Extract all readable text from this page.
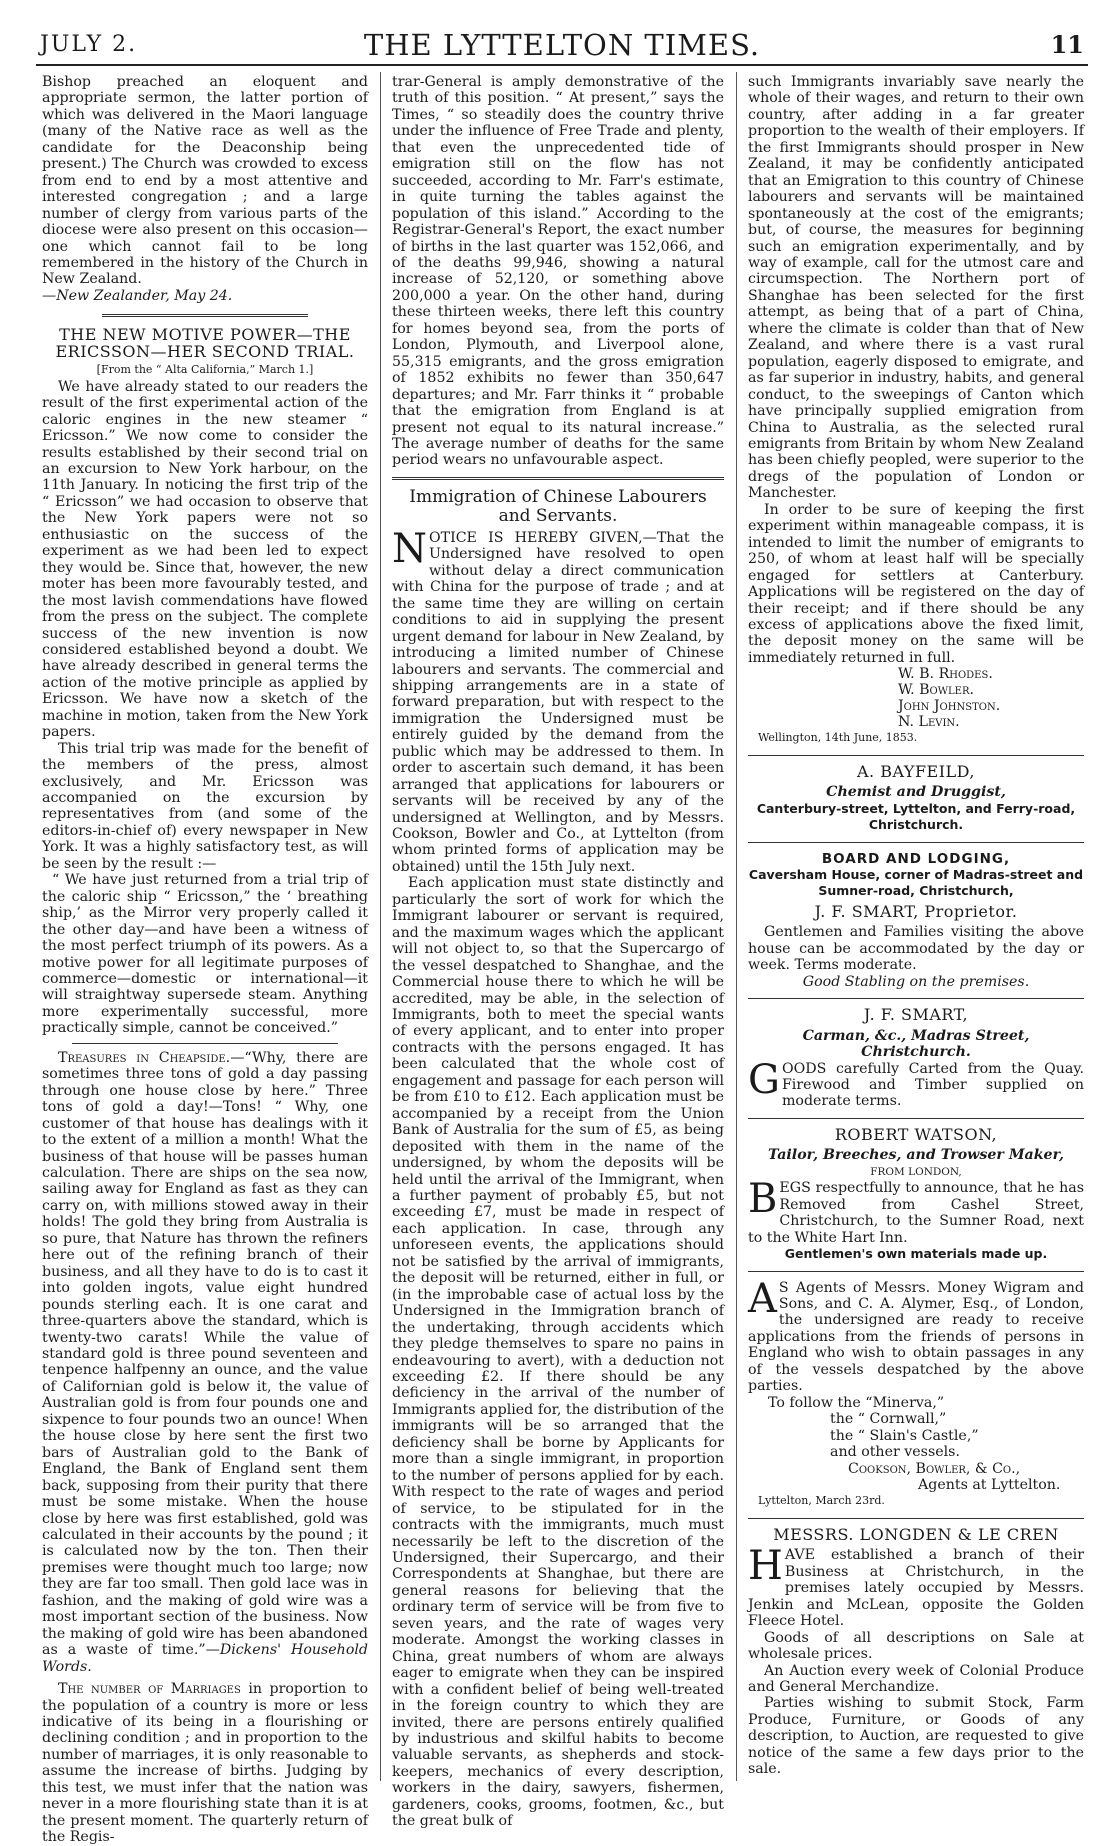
JULY 2.	THE LYTTELTON TIMES.	11

Bishop preached an eloquent and appropriate sermon, the latter portion of which was delivered in the Maori language (many of the Native race as well as the candidate for the Deaconship being present.) The Church was crowded to excess from end to end by a most attentive and interested congregation ; and a large number of clergy from various parts of the diocese were also present on this occasion—one which cannot fail to be long remembered in the history of the Church in New Zealand.

—New Zealander, May 24.

THE NEW MOTIVE POWER—THE ERICSSON—HER SECOND TRIAL.
[From the “ Alta California,” March 1.]

We have already stated to our readers the result of the first experimental action of the caloric engines in the new steamer “ Ericsson.” We now come to consider the results established by their second trial on an excursion to New York harbour, on the 11th January. In noticing the first trip of the “ Ericsson” we had occasion to observe that the New York papers were not so enthusiastic on the success of the experiment as we had been led to expect they would be. Since that, however, the new moter has been more favourably tested, and the most lavish commendations have flowed from the press on the subject. The complete success of the new invention is now considered established beyond a doubt. We have already described in general terms the action of the motive principle as applied by Ericsson. We have now a sketch of the machine in motion, taken from the New York papers.

This trial trip was made for the benefit of the members of the press, almost exclusively, and Mr. Ericsson was accompanied on the excursion by representatives from (and some of the editors-in-chief of) every newspaper in New York. It was a highly satisfactory test, as will be seen by the result :—

“ We have just returned from a trial trip of the caloric ship “ Ericsson,” the ‘ breathing ship,’ as the Mirror very properly called it the other day—and have been a witness of the most perfect triumph of its powers. As a motive power for all legitimate purposes of commerce—domestic or international—it will straightway supersede steam. Anything more experimentally successful, more practically simple, cannot be conceived.”

Treasures in Cheapside.—“Why, there are sometimes three tons of gold a day passing through one house close by here.” Three tons of gold a day!—Tons! “ Why, one customer of that house has dealings with it to the extent of a million a month! What the business of that house will be passes human calculation. There are ships on the sea now, sailing away for England as fast as they can carry on, with millions stowed away in their holds! The gold they bring from Australia is so pure, that Nature has thrown the refiners here out of the refining branch of their business, and all they have to do is to cast it into golden ingots, value eight hundred pounds sterling each. It is one carat and three-quarters above the standard, which is twenty-two carats! While the value of standard gold is three pound seventeen and tenpence halfpenny an ounce, and the value of Californian gold is below it, the value of Australian gold is from four pounds one and sixpence to four pounds two an ounce! When the house close by here sent the first two bars of Australian gold to the Bank of England, the Bank of England sent them back, supposing from their purity that there must be some mistake. When the house close by here was first established, gold was calculated in their accounts by the pound ; it is calculated now by the ton. Then their premises were thought much too large; now they are far too small. Then gold lace was in fashion, and the making of gold wire was a most important section of the business. Now the making of gold wire has been abandoned as a waste of time.”—Dickens' Household Words.

The number of Marriages in proportion to the population of a country is more or less indicative of its being in a flourishing or declining condition ; and in proportion to the number of marriages, it is only reasonable to assume the increase of births. Judging by this test, we must infer that the nation was never in a more flourishing state than it is at the present moment. The quarterly return of the Regis-

trar-General is amply demonstrative of the truth of this position. “ At present,” says the Times, “ so steadily does the country thrive under the influence of Free Trade and plenty, that even the unprecedented tide of emigration still on the flow has not succeeded, according to Mr. Farr's estimate, in quite turning the tables against the population of this island.” According to the Registrar-General's Report, the exact number of births in the last quarter was 152,066, and of the deaths 99,946, showing a natural increase of 52,120, or something above 200,000 a year. On the other hand, during these thirteen weeks, there left this country for homes beyond sea, from the ports of London, Plymouth, and Liverpool alone, 55,315 emigrants, and the gross emigration of 1852 exhibits no fewer than 350,647 departures; and Mr. Farr thinks it “ probable that the emigration from England is at present not equal to its natural increase.” The average number of deaths for the same period wears no unfavourable aspect.

Immigration of Chinese Labourers and Servants.

NOTICE IS HEREBY GIVEN,—That the Undersigned have resolved to open without delay a direct communication with China for the purpose of trade ; and at the same time they are willing on certain conditions to aid in supplying the present urgent demand for labour in New Zealand, by introducing a limited number of Chinese labourers and servants. The commercial and shipping arrangements are in a state of forward preparation, but with respect to the immigration the Undersigned must be entirely guided by the demand from the public which may be addressed to them. In order to ascertain such demand, it has been arranged that applications for labourers or servants will be received by any of the undersigned at Wellington, and by Messrs. Cookson, Bowler and Co., at Lyttelton (from whom printed forms of application may be obtained) until the 15th July next.

Each application must state distinctly and particularly the sort of work for which the Immigrant labourer or servant is required, and the maximum wages which the applicant will not object to, so that the Supercargo of the vessel despatched to Shanghae, and the Commercial house there to which he will be accredited, may be able, in the selection of Immigrants, both to meet the special wants of every applicant, and to enter into proper contracts with the persons engaged. It has been calculated that the whole cost of engagement and passage for each person will be from £10 to £12. Each application must be accompanied by a receipt from the Union Bank of Australia for the sum of £5, as being deposited with them in the name of the undersigned, by whom the deposits will be held until the arrival of the Immigrant, when a further payment of probably £5, but not exceeding £7, must be made in respect of each application. In case, through any unforeseen events, the applications should not be satisfied by the arrival of immigrants, the deposit will be returned, either in full, or (in the improbable case of actual loss by the Undersigned in the Immigration branch of the undertaking, through accidents which they pledge themselves to spare no pains in endeavouring to avert), with a deduction not exceeding £2. If there should be any deficiency in the arrival of the number of Immigrants applied for, the distribution of the immigrants will be so arranged that the deficiency shall be borne by Applicants for more than a single immigrant, in proportion to the number of persons applied for by each. With respect to the rate of wages and period of service, to be stipulated for in the contracts with the immigrants, much must necessarily be left to the discretion of the Undersigned, their Supercargo, and their Correspondents at Shanghae, but there are general reasons for believing that the ordinary term of service will be from five to seven years, and the rate of wages very moderate. Amongst the working classes in China, great numbers of whom are always eager to emigrate when they can be inspired with a confident belief of being well-treated in the foreign country to which they are invited, there are persons entirely qualified by industrious and skilful habits to become valuable servants, as shepherds and stock-keepers, mechanics of every description, workers in the dairy, sawyers, fishermen, gardeners, cooks, grooms, footmen, &c., but the great bulk of

such Immigrants invariably save nearly the whole of their wages, and return to their own country, after adding in a far greater proportion to the wealth of their employers. If the first Immigrants should prosper in New Zealand, it may be confidently anticipated that an Emigration to this country of Chinese labourers and servants will be maintained spontaneously at the cost of the emigrants; but, of course, the measures for beginning such an emigration experimentally, and by way of example, call for the utmost care and circumspection. The Northern port of Shanghae has been selected for the first attempt, as being that of a part of China, where the climate is colder than that of New Zealand, and where there is a vast rural population, eagerly disposed to emigrate, and as far superior in industry, habits, and general conduct, to the sweepings of Canton which have principally supplied emigration from China to Australia, as the selected rural emigrants from Britain by whom New Zealand has been chiefly peopled, were superior to the dregs of the population of London or Manchester.

In order to be sure of keeping the first experiment within manageable compass, it is intended to limit the number of emigrants to 250, of whom at least half will be specially engaged for settlers at Canterbury. Applications will be registered on the day of their receipt; and if there should be any excess of applications above the fixed limit, the deposit money on the same will be immediately returned in full.

W. B. Rhodes.
W. Bowler.
John Johnston.
N. Levin.
Wellington, 14th June, 1853.
A. BAYFEILD,
Chemist and Druggist,
Canterbury-street, Lyttelton, and Ferry-road, Christchurch.
BOARD AND LODGING,
Caversham House, corner of Madras-street and Sumner-road, Christchurch,
J. F. SMART, Proprietor.

Gentlemen and Families visiting the above house can be accommodated by the day or week. Terms moderate.

Good Stabling on the premises.
J. F. SMART,
Carman, &c., Madras Street, Christchurch.

GOODS carefully Carted from the Quay. Firewood and Timber supplied on moderate terms.

ROBERT WATSON,
Tailor, Breeches, and Trowser Maker,
FROM LONDON,

BEGS respectfully to announce, that he has Removed from Cashel Street, Christchurch, to the Sumner Road, next to the White Hart Inn.

Gentlemen's own materials made up.

A S Agents of Messrs. Money Wigram and Sons, and C. A. Alymer, Esq., of London, the undersigned are ready to receive applications from the friends of persons in England who wish to obtain passages in any of the vessels despatched by the above parties.

To follow the “Minerva,”
the “ Cornwall,”
the “ Slain's Castle,”
and other vessels.
Cookson, Bowler, & Co.,
Agents at Lyttelton.
Lyttelton, March 23rd.
MESSRS. LONGDEN & LE CREN

HAVE established a branch of their Business at Christchurch, in the premises lately occupied by Messrs. Jenkin and McLean, opposite the Golden Fleece Hotel.

Goods of all descriptions on Sale at wholesale prices.

An Auction every week of Colonial Produce and General Merchandize.

Parties wishing to submit Stock, Farm Produce, Furniture, or Goods of any description, to Auction, are requested to give notice of the same a few days prior to the sale.
